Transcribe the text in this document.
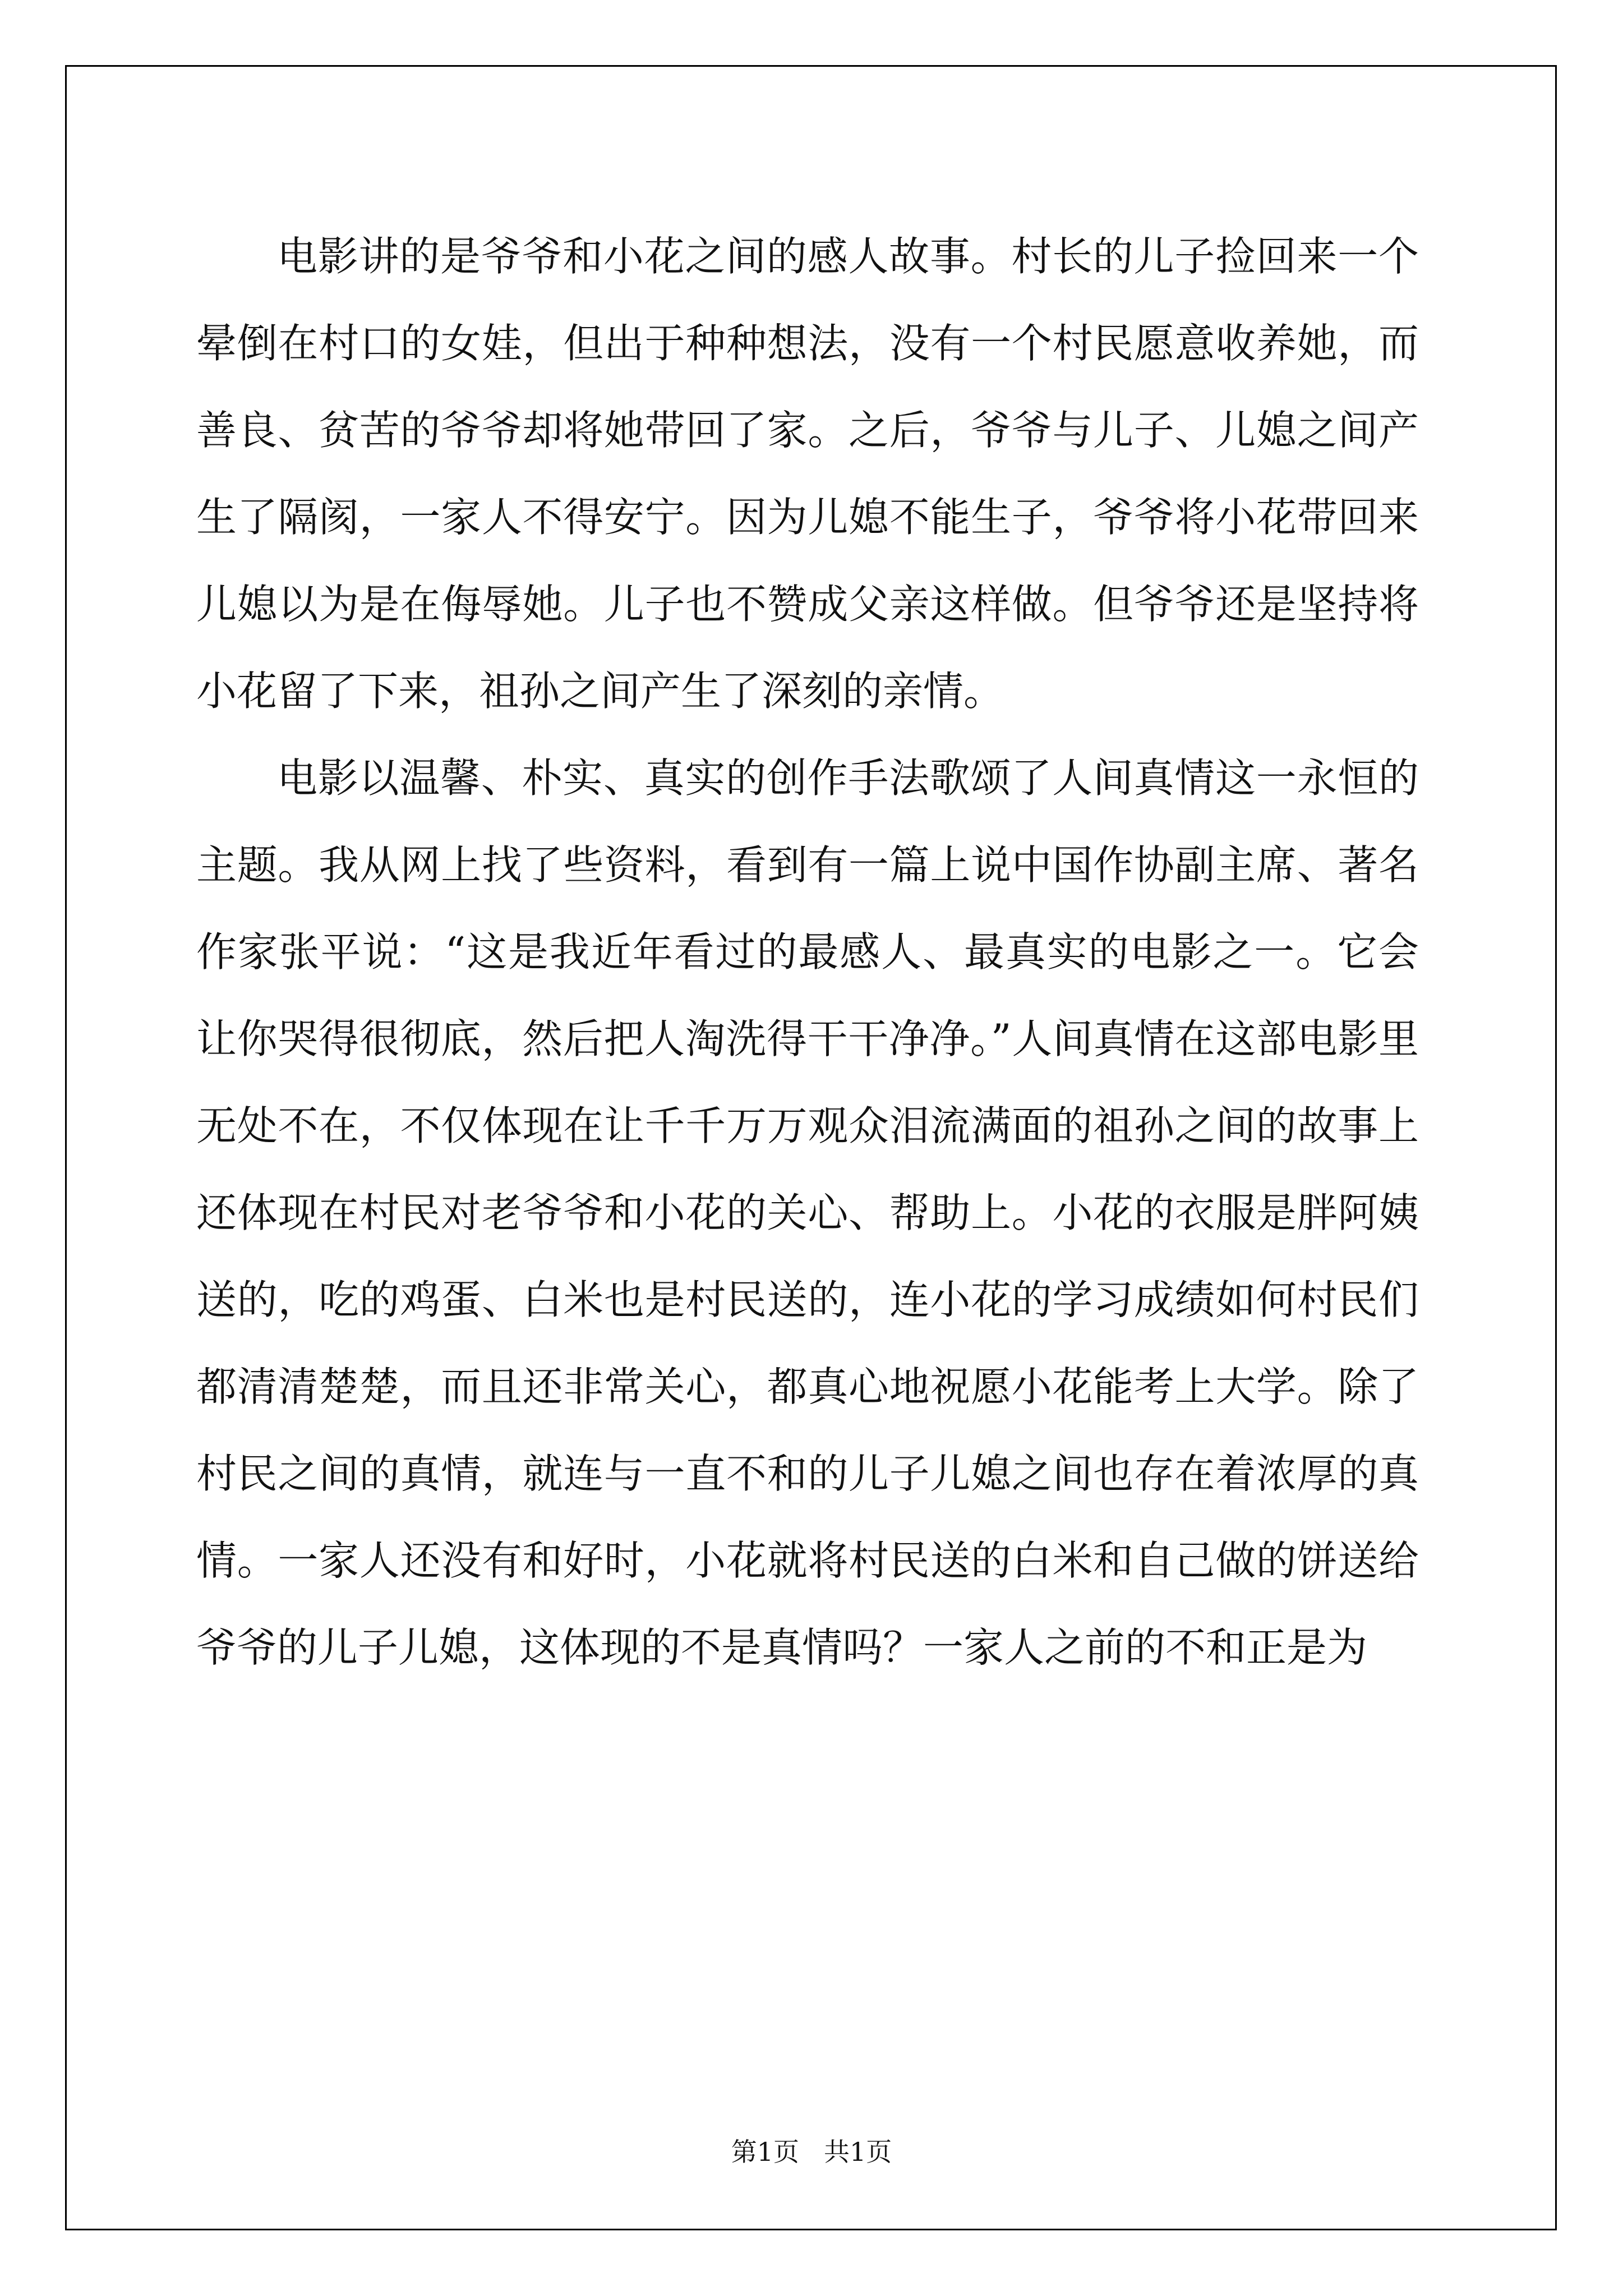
电影讲的是爷爷和小花之间的感人故事。村长的儿子捡回来一个晕倒在村口的女娃，但出于种种想法，没有一个村民愿意收养她，而善良、贫苦的爷爷却将她带回了家。之后，爷爷与儿子、儿媳之间产生了隔阂，一家人不得安宁。因为儿媳不能生子，爷爷将小花带回来儿媳以为是在侮辱她。儿子也不赞成父亲这样做。但爷爷还是坚持将小花留了下来，祖孙之间产生了深刻的亲情。

电影以温馨、朴实、真实的创作手法歌颂了人间真情这一永恒的主题。我从网上找了些资料，看到有一篇上说中国作协副主席、著名作家张平说：“这是我近年看过的最感人、最真实的电影之一。它会让你哭得很彻底，然后把人淘洗得干干净净。”人间真情在这部电影里无处不在，不仅体现在让千千万万观众泪流满面的祖孙之间的故事上还体现在村民对老爷爷和小花的关心、帮助上。小花的衣服是胖阿姨送的，吃的鸡蛋、白米也是村民送的，连小花的学习成绩如何村民们都清清楚楚，而且还非常关心，都真心地祝愿小花能考上大学。除了村民之间的真情，就连与一直不和的儿子儿媳之间也存在着浓厚的真情。一家人还没有和好时，小花就将村民送的白米和自己做的饼送给爷爷的儿子儿媳，这体现的不是真情吗？一家人之前的不和正是为

第1页 共1页
